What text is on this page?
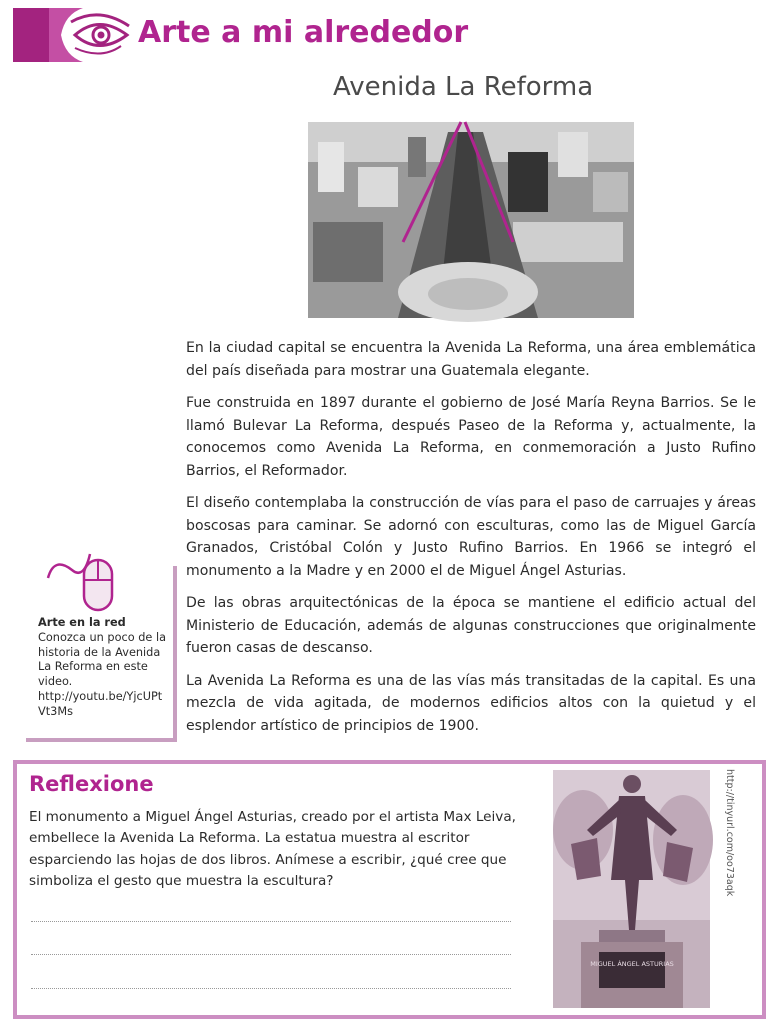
Arte a mi alrededor
Avenida La Reforma

En la ciudad capital se encuentra la Avenida La Reforma, una área emblemática del país diseñada para mostrar una Guatemala elegante.

Fue construida en 1897 durante el gobierno de José María Reyna Barrios. Se le llamó Bulevar La Reforma, después Paseo de la Reforma y, actualmente, la conocemos como Avenida La Reforma, en conmemoración a Justo Rufino Barrios, el Reformador.

El diseño contemplaba la construcción de vías para el paso de carruajes y áreas boscosas para caminar. Se adornó con esculturas, como las de Miguel García Granados, Cristóbal Colón y Justo Rufino Barrios. En 1966 se integró el monumento a la Madre y en 2000 el de Miguel Ángel Asturias.

De las obras arquitectónicas de la época se mantiene el edificio actual del Ministerio de Educación, además de algunas construcciones que originalmente fueron casas de descanso.

La Avenida La Reforma es una de las vías más transitadas de la capital. Es una mezcla de vida agitada, de modernos edificios altos con la quietud y el esplendor artístico de principios de 1900.

Arte en la red
Conozca un poco de la historia de la Avenida La Reforma en este video.
http://youtu.be/YjcUPtVt3Ms
Reflexione
El monumento a Miguel Ángel Asturias, creado por el artista Max Leiva, embellece la Avenida La Reforma. La estatua muestra al escritor esparciendo las hojas de dos libros. Anímese a escribir, ¿qué cree que simboliza el gesto que muestra la escultura?
MIGUEL ÁNGEL ASTURIAS
http://tinyurl.com/oo73aqk
